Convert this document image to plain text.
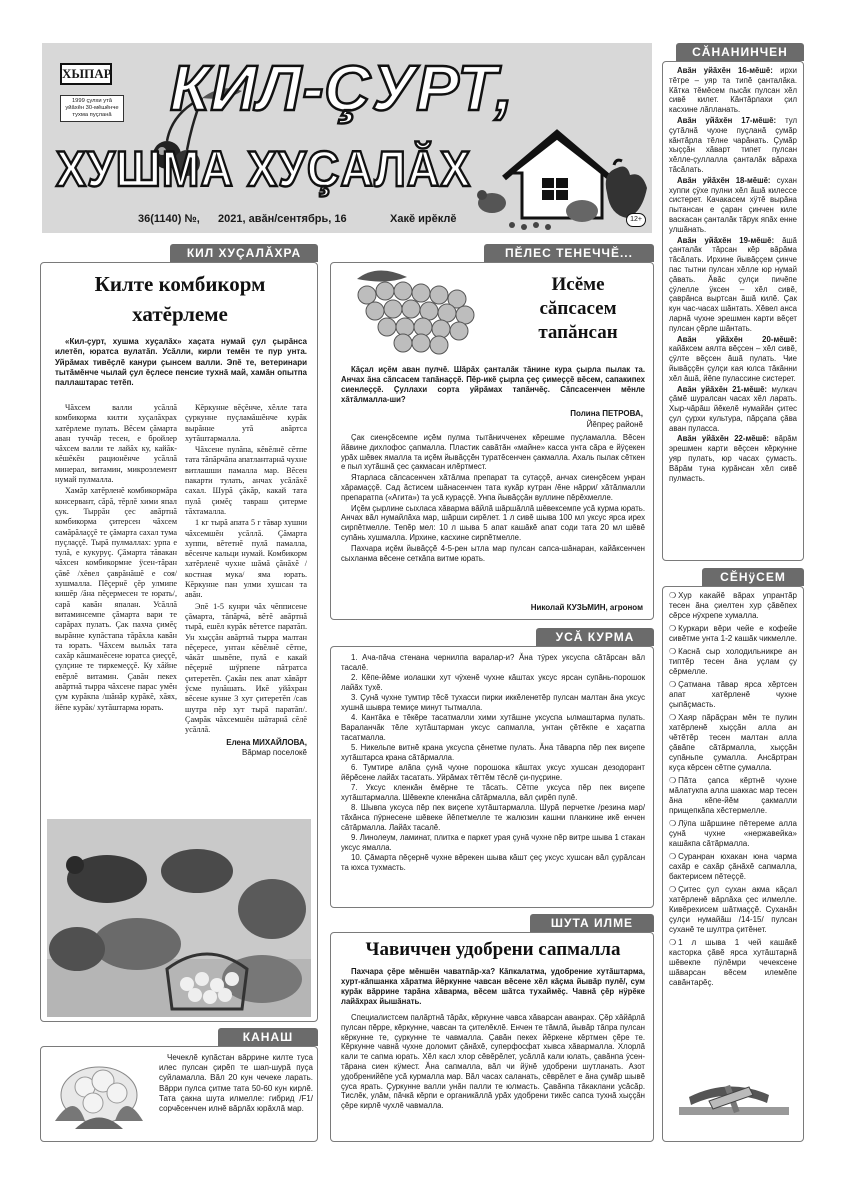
ХЫПАР
1999 çулхи утă уйăхĕн 30-мĕшĕнче тухма пуçланă КИЛ-ÇУРТ,
ХУШМА ХУÇАЛĂХ
36(1140) №, 2021, авăн/сентябрь, 16	Хакĕ ирĕклĕ	12+
КИЛ ХУÇАЛĂХРА
Килте комбикорм хатĕрлеме
«Кил-çурт, хушма хуçалăх» хаçата нумай çул çырăнса илетĕп, юратса вулатăп. Усăлли, кирли темĕн те пур унта. Уйрăмах тивĕçлĕ канури çынсем валли. Эпĕ те, ветеринари тытăмĕнче чылай çул ĕçлесе пенсие тухнă май, хамăн опытпа паллаштарас тетĕп.

Чăхсем валли усăллă комбикорма килти хуçалăхрах хатĕрлеме пулать. Вĕсем çăмарта аван туччăр тесен, е бройлер чăхсем валли те лайăх ку, кайăк-кĕшĕкĕн рационĕнче усăллă минерал, витамин, микроэлемент нумай пулмалла.

Хамăр хатĕрленĕ комбикормăра консервант, сăрă, тĕрлĕ хими япал çук. Тыррăн çес авăртнă комбикорма çитерсен чăхсем самăрăлаççĕ те çăмарта сахал тума пуçлаççĕ. Тырă пулмаллах: урпа е тулă, е кукуруç. Çăмарта тăвакан чăхсен комбикормне ÿсен-тăран çăвĕ /хĕвел çаврăнăшĕ е соя/ хушмалла. Пĕçернĕ çĕр улмипе кишĕр /ăна пĕçермесен те юрать/, сарă кавăн япалан. Усăллă витаминсемпе çăмарта вари те сарăрах пулать. Çак пахча çимĕç вырăнне купăстапа тăрăхла кавăн та юрать. Чăхсем выльăх тата сахăр кăшманĕсене юратса çиеççĕ, çулçине те тиркемеççĕ. Ку хăйне евĕрлĕ витамин. Çавăн пекех авăртнă тырра чăхсене парас умĕн çум курăкпа /шăнăр курăкĕ, хăях, йĕпе курăк/ хутăштарма юрать.

Кĕркунне вĕçĕнче, хĕлле тата çуркунне пуçламăшĕнче курăк вырăнне утă авăртса хутăштармалла.

Чăхсене пулăпа, кĕвĕлнĕ сĕтпе тата тăпăрчăпа апатлантарнă чухне витлашши памалла мар. Вĕсен пакарти тулать, анчах усăлăхĕ сахал. Шурă çăкăр, какай тата пулă çимĕç тавраш çитерме тăхтамалла.

1 кг тырă апата 5 г тăвар хушни чăхсемшĕн усăллă. Çăмарта хуппи, вĕтетнĕ пулă памалла, вĕсенче кальци нумай. Комбикорм хатĕрленĕ чухне шăмă çăнăхĕ /костная мука/ яма юрать. Кĕркунне пан улми хушсан та авăн.

Эпĕ 1-5 кунри чăх чĕпписене çăмарта, тăпăрчă, вĕтĕ авăртнă тырă, ешĕл курăк вĕтетсе паратăп. Ун хыççăн авăртнă тырра малтан пĕçересе, унтан кĕвĕлнĕ сĕтпе, чăкăт шывĕпе, пулă е какай пĕçернĕ шÿрпепе пăтратса çитеретĕп. Çакăн пек апат хăвăрт ÿсме пулăшать. Икĕ уйăхран вĕсене кунне 3 хут çитеретĕп /сав шутра пĕр хут тырă паратăп/. Çамрăк чăхсемшĕн шăтарнă сĕлĕ усăллă.

Елена МИХАЙЛОВА,
Вăрмар поселокĕ
КАНАШ
Чечеклĕ купăстан вăррине килте туса илес пулсан çирĕп те шап-шурă пуçа суйламалла. Вăл 20 кун чечеке ларать. Вăрри пулса çитме тата 50-60 кун кирлĕ. Тата çакна шута илмелле: гибрид /F1/ сорчĕсенчен илнĕ вăрлăх юрăхлă мар.
ПĔЛЕС ТЕНЕЧЧĔ...
Исĕме
сăпсасем
тапăнсан
Кăçал иçĕм аван пулчĕ. Шăрăх çанталăк тăнине кура çырла пылак та. Анчах ăна сăпсасем тапăнаççĕ. Пĕр-икĕ çырла çеç çимеççĕ вĕсем, сапакипех сиенлеççĕ. Çуллахи сорта уйрăмах тапăнчĕç. Сăпсасенчен мĕнле хăтăлмалла-ши?
Полина ПЕТРОВА,
Йĕпреç районĕ

Çак сиенçĕсемпе иçĕм пулма тытăничченех кĕрешме пуçламалла. Вĕсен йăвине дихлофос çапмалла. Пластик савăтăн «майне» касса унта сăра е йÿçекен урăх шĕвек ямалла та иçĕм йывăççĕн туратĕсенчен çакмалла. Ахаль пылак сĕткен е пыл хутăшнă çес çакмасан илĕртмест.

Ятарласа сăпсасенчен хăтăлма препарат та сутаççĕ, анчах сиенçĕсем унран хăрамаççĕ. Сад ăстисем шăнасенчен тата кукăр кутран /ĕне нăрри/ хăтăлмалли препаратпа («Агита») та усă кураççĕ. Унпа йывăççăн вуллине пĕрĕхмелле.

Иçĕм çырлине сыхласа хăварма вăйлă шăршăллă шĕвексемпе усă курма юрать. Анчах вăл нумайлăха мар, шăрши сирĕлет. 1 л сивĕ шыва 100 мл уксус ярса ирех сирпĕтмелле. Тепĕр мел: 10 л шыва 5 апат кашăкĕ апат соди тата 20 мл шĕвĕ супăнь хушмалла. Ирхине, касхине сирпĕтмелле.

Пахчара иçĕм йывăççĕ 4-5-рен ытла мар пулсан сапса-шăнаран, кайăксенчен сыхланма вĕсене сеткăпа витме юрать.

Николай КУЗЬМИН, агроном
УСĂ КУРМА
1. Ача-пăча стенана чернилпа варалар-и? Ăна тÿрех уксуспа сăтăрсан вăл тасалĕ.
2. Кĕпе-йĕме иолашки хут чÿхенĕ чухне кăштах уксус ярсан супăнь-порошок лайăх тухĕ.
3. Çунă чухне тумтир тĕсĕ тухасси пирки иккĕленетĕр пулсан малтан ăна уксус хушнă шывра темиçе минут тытмалла.
4. Кантăка е тĕкĕре тасатмалли хими хутăшне уксуспа ылмаштарма пулать. Вараланчăк тĕле хутăштарман уксус сапмалла, унтан çĕтĕкпе е хаçатпа тасатмалла.
5. Никельпе витнĕ крана уксуспа çĕнетме пулать. Ăна тăварпа пĕр пек виçепе хутăштарса крана сăтăрмалла.
6. Тумтире алăпа çунă чухне порошока кăштах уксус хушсан дезодорант йĕрĕсене лайăх тасатать. Уйрăмах тĕттĕм тĕслĕ çи-пуçрине.
7. Уксус кленкăн ĕмĕрне те тăсать. Сĕтпе уксуса пĕр пек виçепе хутăштармалла. Шĕвекпе кленкăна сăтăрмалла, вăл çирĕп пулĕ.
8. Шывпа уксуса пĕр пек виçепе хутăштармалла. Шурă перчетке /резина мар/ тăхăнса пÿрнесене шĕвеке йĕпетмелле те жалюзин кашни планкине икĕ енчен сăтăрмалла. Лайăх тасалĕ.
9. Линолеум, ламинат, плитка е паркет урая çунă чухне пĕр витре шыва 1 стакан уксус ямалла.
10. Çăмарта пĕçернĕ чухне вĕрекен шыва кăшт çеç уксус хушсан вăл çурăлсан та юхса тухмасть.
ШУТА ИЛМЕ
Чавиччен удобрени сапмалла
Пахчара çĕре мĕншĕн чаватпăр-ха? Кăпкалатма, удобрение хутăштарма, хурт-кăпшанка хăратма йĕркунне чавсан вĕсене хĕл кăçма йывăр пулĕ/, сум курăк вăррине тарăна хăварма, вĕсем шăтса тухаймĕç. Чавнă çĕр нÿрĕке лайăхрах йышăнать.
Специалистсем палăртнă тăрăх, кĕркунне чавса хăварсан аванрах. Çĕр хăйăрлă пулсан пĕрре, кĕркунне, чавсан та çителĕклĕ. Енчен те тăмлă, йывăр тăпра пулсан кĕркунне те, çуркунне те чавмалла. Çавăн пекех йĕркене кĕртмен çĕре те. Кĕркунне чавнă чухне доломит çăнăхĕ, суперфосфат хывса хăвармалла. Хлорлă кали те сапма юрать. Хĕл касл хлор сĕвĕрĕлет, усăллă кали юлать, çавăнпа ÿсен-тăрана сиен кÿмест. Ăна сапмалла, вăл чи йÿнĕ удобрени шутланать. Азот удобренийĕпе усă курмалла мар. Вăл часах саланать, сĕврĕлет е ăна çумăр шывĕ çуса ярать. Çуркунне валли унăн палли те юлмасть. Çавăнпа тăкаклани усăсăр. Тислĕк, улăм, пăчкă кĕрпи е органикăллă урăх удобрени тикĕс сапса тухнă хыççăн çĕре кирлĕ чухлĕ чавмалла.
СĂНАНИНЧЕН

Авăн уйăхĕн 16-мĕшĕ: ирхи тĕтре – уяр та типĕ çанталăка. Кăтка тĕмĕсем пысăк пулсан хĕл сивĕ килет. Кăнтăрлахи çил касхине лăпланать.

Авăн уйăхĕн 17-мĕшĕ: тул çутăлнă чухне пуçланă çумăр кăнтăрла тĕлне чарăнать. Çумăр хыççăн хăварт типет пулсан хĕлле-çуллалла çанталăк вăраха тăсăлать.

Авăн уйăхĕн 18-мĕшĕ: сухан хуппи çÿхе пулни хĕл ăшă килессе систерет. Качакасем хÿтĕ вырăна пытансан е çаран çинчен киле васкасан çанталăк тăрук япăх енне улшăнать.

Авăн уйăхĕн 19-мĕшĕ: ăшă çанталăк тăрсан кĕр вăрăма тăсăлать. Ирхине йывăççем çинче пас тытни пулсан хĕлле юр нумай çăвать. Ăвăс çулçи пичĕпе çÿлелле ÿксен – хĕл сивĕ, çаврăнса выртсан ăшă килĕ. Çак кун час-часах шăнтать. Хĕвел анса ларнă чухне эрешмен карти вĕçет пулсан çĕрле шăнтать.

Авăн уйăхĕн 20-мĕшĕ: кайăксем аялта вĕçсен – хĕл сивĕ, çÿлте вĕçсен ăшă пулать. Чие йывăççĕн çулçи кая юлса тăкăнни хĕл ăшă, йĕпе пулассине систерет.

Авăн уйăхĕн 21-мĕшĕ: мулкач çăмĕ шуралсан часах хĕл ларать. Хыр-чăрăш йĕкелĕ нумайăн çитес çул çурхи культура, пăрçапа çăва аван пуласса.

Авăн уйăхĕн 22-мĕшĕ: вăрăм эрешмен карти вĕçсен кĕркунне уяр пулать, юр часах çумасть. Вăрăм туна курăнсан хĕл сивĕ пулмасть.

СĔНÿСЕМ
❍ Хур какайĕ вăрах упрантăр тесен ăна çиелтен хур çăвĕпех сĕрсе нÿхрепе хумалла.
❍ Куркари вĕри чейе е кофейе сивĕтме унта 1-2 кашăк чикмелле.
❍ Каснă сыр холодильникре ан типтĕр тесен ăна уçлам çу сĕрмелле.
❍ Çатмана тăвар ярса хĕртсен апат хатĕрленĕ чухне çыпăçмасть.
❍ Хаяр пăрăçран мĕн те пулин хатĕрленĕ хыççăн алла ан чĕтĕтĕр тесен малтан алла çăвăпе сăтăрмалла, хыççăн супăньпе çумалла. Ансăртран куçа кĕрсен сĕтпе çумалла.
❍ Пăта çапса кĕртнĕ чухне мăлатукпа алла шаккас мар тесен ăна кĕпе-йĕм çакмалли прищепкăпа хĕстермелле.
❍ Лÿпа шăршине пĕтереме алла çунă чухне «нержавейка» кашăкпа сăтăрмалла.
❍ Суранран юхакан юна чарма сахăр е сахăр çăнăхĕ сапмалла, бактерисем пĕтеççĕ.
❍ Çитес çул сухан акма кăçал хатĕрленĕ вăрлăха çес илмелле. Кивĕрехисем шăтмаççĕ. Суханăн çулçи нумайăш /14-15/ пулсан суханĕ те шултра çитĕнет.
❍ 1 л шыва 1 чей кашăкĕ касторка çăвĕ ярса хутăштарнă шĕвекпе пÿлĕмри чечексене шăварсан вĕсем илемĕпе савăнтарĕç.
